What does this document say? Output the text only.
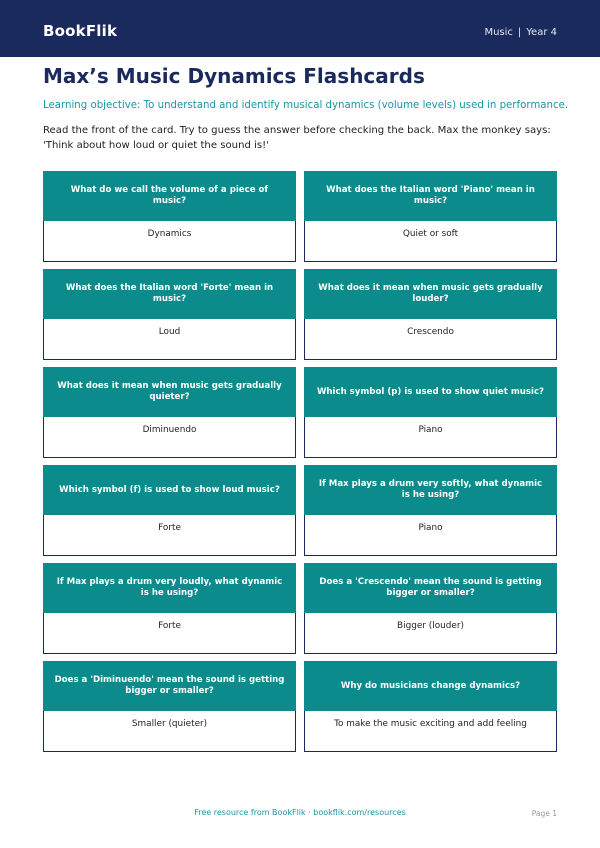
BookFlik	Music | Year 4
Max’s Music Dynamics Flashcards
Learning objective: To understand and identify musical dynamics (volume levels) used in performance.
Read the front of the card. Try to guess the answer before checking the back. Max the monkey says: 'Think about how loud or quiet the sound is!'
What do we call the volume of a piece of music?
Dynamics
What does the Italian word 'Piano' mean in music?
Quiet or soft
What does the Italian word 'Forte' mean in music?
Loud
What does it mean when music gets gradually louder?
Crescendo
What does it mean when music gets gradually quieter?
Diminuendo
Which symbol (p) is used to show quiet music?
Piano
Which symbol (f) is used to show loud music?
Forte
If Max plays a drum very softly, what dynamic is he using?
Piano
If Max plays a drum very loudly, what dynamic is he using?
Forte
Does a 'Crescendo' mean the sound is getting bigger or smaller?
Bigger (louder)
Does a 'Diminuendo' mean the sound is getting bigger or smaller?
Smaller (quieter)
Why do musicians change dynamics?
To make the music exciting and add feeling
Free resource from BookFlik · bookflik.com/resources	Page 1
